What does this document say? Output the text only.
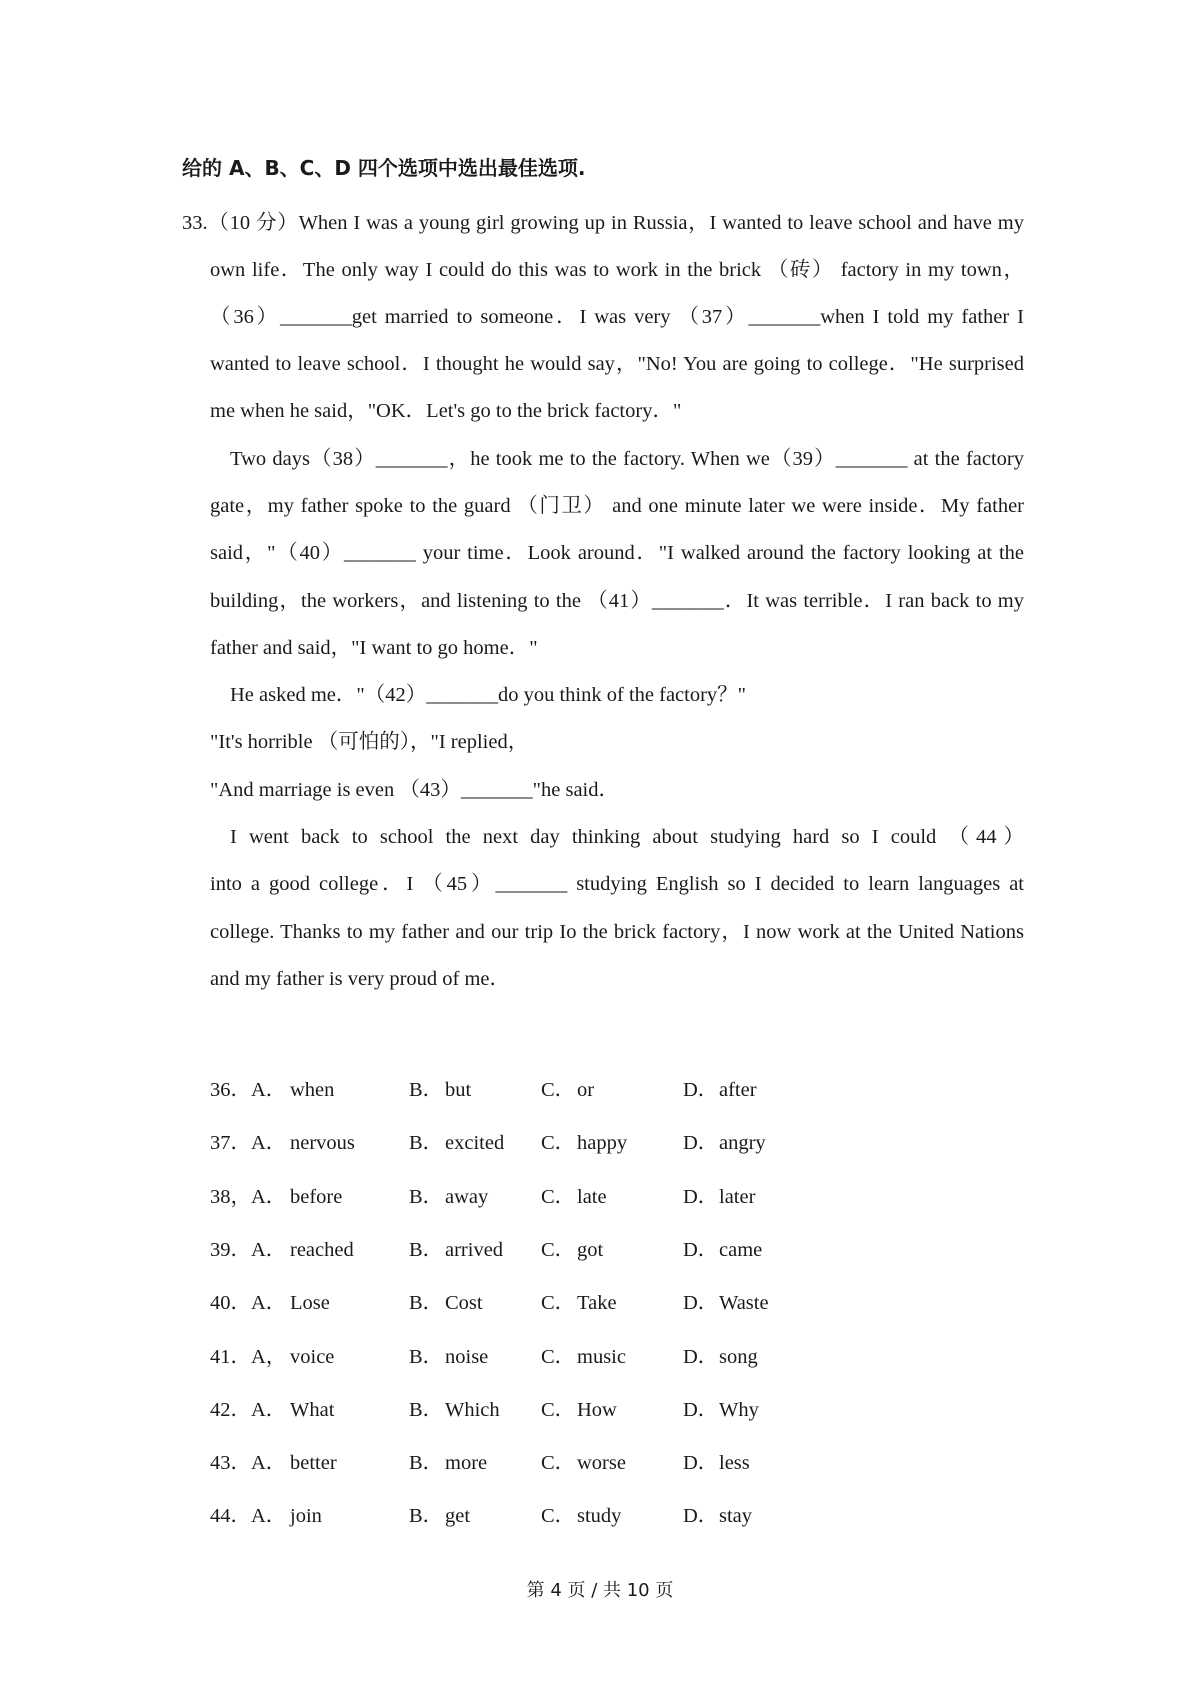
给的 A、B、C、D 四个选项中选出最佳选项.
33.（10 分）When I was a young girl growing up in Russia，I wanted to leave school and have my
own life．The only way I could do this was to work in the brick （砖） factory in my town，
（36）_______get married to someone．I was very （37）_______when I told my father I
wanted to leave school．I thought he would say，"No! You are going to college．"He surprised
me when he said，"OK．Let's go to the brick factory．"
Two days（38）_______，he took me to the factory. When we（39）_______ at the factory
gate，my father spoke to the guard （门卫） and one minute later we were inside．My father
said，"（40）_______ your time．Look around．"I walked around the factory looking at the
building，the workers，and listening to the （41）_______．It was terrible．I ran back to my
father and said，"I want to go home．"
He asked me．"（42）_______do you think of the factory？"
"It's horrible （可怕的），"I replied，
"And marriage is even （43）_______"he said．
I went back to school the next day thinking about studying hard so I could （44）
into a good college．I （45）_______ studying English so I decided to learn languages at
college. Thanks to my father and our trip Io the brick factory，I now work at the United Nations
and my father is very proud of me．
36．A． when	B．but	C．or	D．after
37．A． nervous	B．excited C．happy	D．angry
38，A． before	B．away	C．late	D．later
39．A． reached	B．arrived C．got	D．came
40．A． Lose	B．Cost	C．Take	D．Waste
41．A， voice	B．noise	C．music	D．song
42．A． What	B．Which C．How	D．Why
43．A． better	B．more	C．worse	D．less
44．A． join	B．get	C．study	D．stay
第 4 页 / 共 10 页
